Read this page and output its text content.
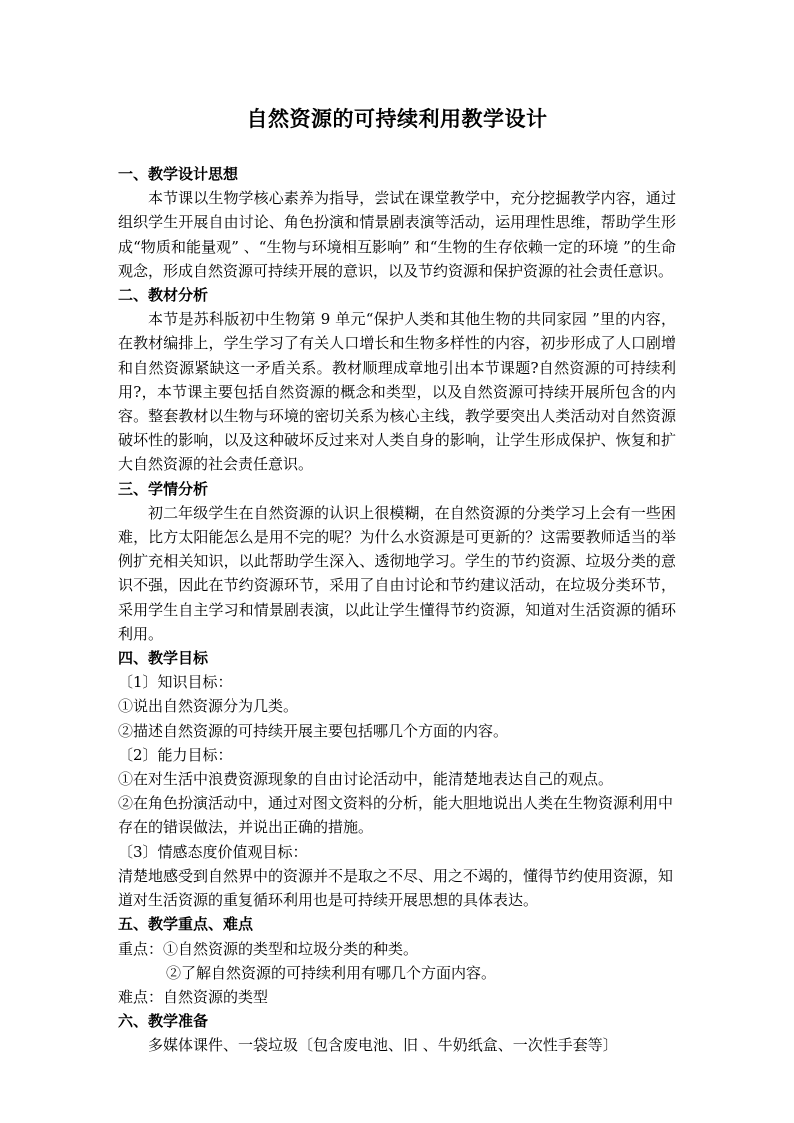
自然资源的可持续利用教学设计

一、教学设计思想

本节课以生物学核心素养为指导，尝试在课堂教学中，充分挖掘教学内容，通过组织学生开展自由讨论、角色扮演和情景剧表演等活动，运用理性思维，帮助学生形成“物质和能量观” 、“生物与环境相互影响” 和“生物的生存依赖一定的环境 ”的生命观念，形成自然资源可持续开展的意识，以及节约资源和保护资源的社会责任意识。

二、教材分析

本节是苏科版初中生物第 9 单元“保护人类和其他生物的共同家园 ”里的内容，在教材编排上，学生学习了有关人口增长和生物多样性的内容，初步形成了人口剧增和自然资源紧缺这一矛盾关系。教材顺理成章地引出本节课题?自然资源的可持续利用?，本节课主要包括自然资源的概念和类型，以及自然资源可持续开展所包含的内容。整套教材以生物与环境的密切关系为核心主线，教学要突出人类活动对自然资源破坏性的影响，以及这种破坏反过来对人类自身的影响，让学生形成保护、恢复和扩大自然资源的社会责任意识。

三、学情分析

初二年级学生在自然资源的认识上很模糊，在自然资源的分类学习上会有一些困难，比方太阳能怎么是用不完的呢？为什么水资源是可更新的？这需要教师适当的举例扩充相关知识，以此帮助学生深入、透彻地学习。学生的节约资源、垃圾分类的意识不强，因此在节约资源环节，采用了自由讨论和节约建议活动，在垃圾分类环节，采用学生自主学习和情景剧表演，以此让学生懂得节约资源，知道对生活资源的循环利用。

四、教学目标

〔1〕知识目标：

①说出自然资源分为几类。

②描述自然资源的可持续开展主要包括哪几个方面的内容。

〔2〕能力目标：

①在对生活中浪费资源现象的自由讨论活动中，能清楚地表达自己的观点。

②在角色扮演活动中，通过对图文资料的分析，能大胆地说出人类在生物资源利用中存在的错误做法，并说出正确的措施。

〔3〕情感态度价值观目标：

清楚地感受到自然界中的资源并不是取之不尽、用之不竭的，懂得节约使用资源，知道对生活资源的重复循环利用也是可持续开展思想的具体表达。

五、教学重点、难点

重点：①自然资源的类型和垃圾分类的种类。

②了解自然资源的可持续利用有哪几个方面内容。

难点：自然资源的类型

六、教学准备

多媒体课件、一袋垃圾〔包含废电池、旧 、牛奶纸盒、一次性手套等〕
